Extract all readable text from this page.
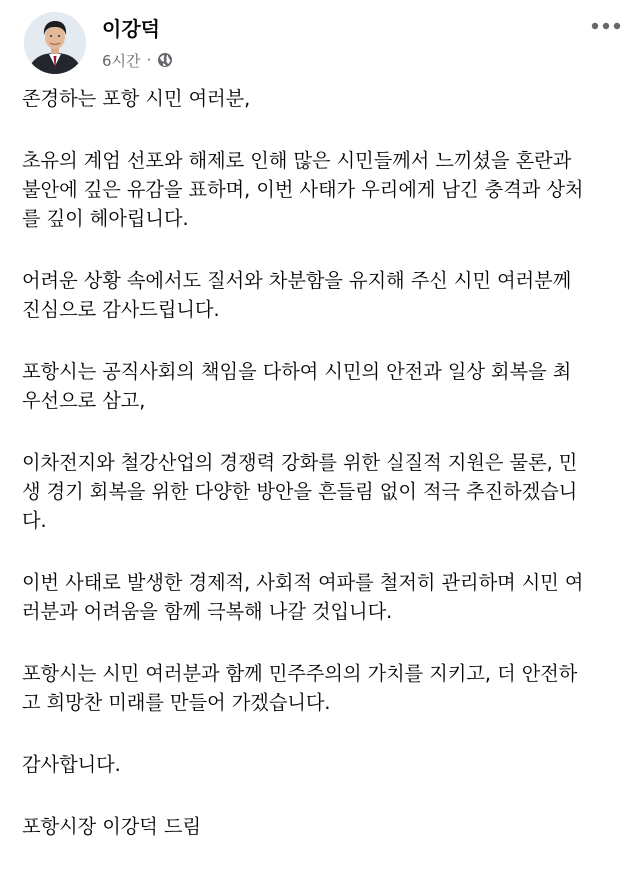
이강덕
6시간 ·

존경하는 포항 시민 여러분,

초유의 계엄 선포와 해제로 인해 많은 시민들께서 느끼셨을 혼란과
불안에 깊은 유감을 표하며, 이번 사태가 우리에게 남긴 충격과 상처
를 깊이 헤아립니다.

어려운 상황 속에서도 질서와 차분함을 유지해 주신 시민 여러분께
진심으로 감사드립니다.

포항시는 공직사회의 책임을 다하여 시민의 안전과 일상 회복을 최
우선으로 삼고,

이차전지와 철강산업의 경쟁력 강화를 위한 실질적 지원은 물론, 민
생 경기 회복을 위한 다양한 방안을 흔들림 없이 적극 추진하겠습니
다.

이번 사태로 발생한 경제적, 사회적 여파를 철저히 관리하며 시민 여
러분과 어려움을 함께 극복해 나갈 것입니다.

포항시는 시민 여러분과 함께 민주주의의 가치를 지키고, 더 안전하
고 희망찬 미래를 만들어 가겠습니다.

감사합니다.

포항시장 이강덕 드림
